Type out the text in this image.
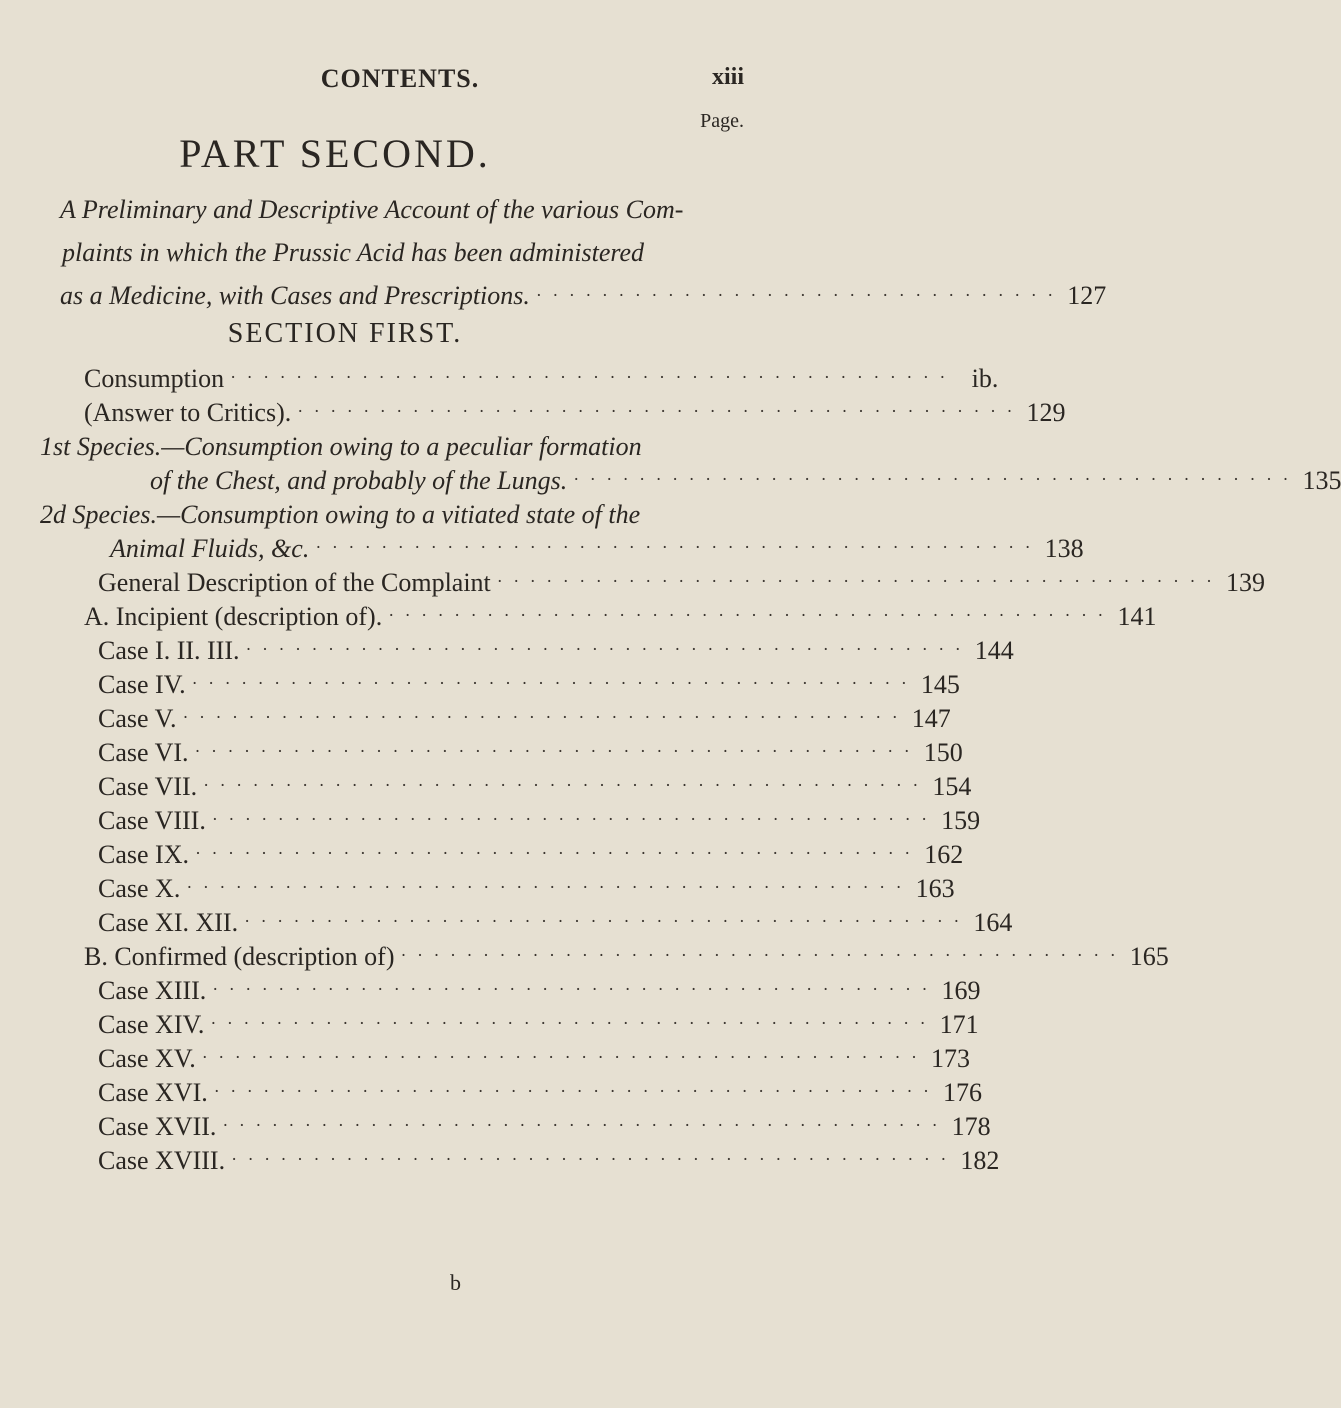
CONTENTS.	xiii
Page.
PART SECOND.
A Preliminary and Descriptive Account of the various Com-
plaints in which the Prussic Acid has been administered
as a Medicine, with Cases and Prescriptions. · · · · · · · · · · · · · · · · · · · · · · · · · · · · · · · · 127
SECTION FIRST.
Consumption · · · · · · · · · · · · · · · · · · · · · · · · · · · · · · · · · · · · · · · · · · · · ib.
(Answer to Critics). · · · · · · · · · · · · · · · · · · · · · · · · · · · · · · · · · · · · · · · · · · · · 129
1st Species.—Consumption owing to a peculiar formation
of the Chest, and probably of the Lungs. · · · · · · · · · · · · · · · · · · · · · · · · · · · · · · · · · · · · · · · · · · · · 135
2d Species.—Consumption owing to a vitiated state of the
Animal Fluids, &c. · · · · · · · · · · · · · · · · · · · · · · · · · · · · · · · · · · · · · · · · · · · · 138
General Description of the Complaint · · · · · · · · · · · · · · · · · · · · · · · · · · · · · · · · · · · · · · · · · · · · 139
A. Incipient (description of). · · · · · · · · · · · · · · · · · · · · · · · · · · · · · · · · · · · · · · · · · · · · 141
Case I. II. III. · · · · · · · · · · · · · · · · · · · · · · · · · · · · · · · · · · · · · · · · · · · · 144
Case IV. · · · · · · · · · · · · · · · · · · · · · · · · · · · · · · · · · · · · · · · · · · · · 145
Case V. · · · · · · · · · · · · · · · · · · · · · · · · · · · · · · · · · · · · · · · · · · · · 147
Case VI. · · · · · · · · · · · · · · · · · · · · · · · · · · · · · · · · · · · · · · · · · · · · 150
Case VII. · · · · · · · · · · · · · · · · · · · · · · · · · · · · · · · · · · · · · · · · · · · · 154
Case VIII. · · · · · · · · · · · · · · · · · · · · · · · · · · · · · · · · · · · · · · · · · · · · 159
Case IX. · · · · · · · · · · · · · · · · · · · · · · · · · · · · · · · · · · · · · · · · · · · · 162
Case X. · · · · · · · · · · · · · · · · · · · · · · · · · · · · · · · · · · · · · · · · · · · · 163
Case XI. XII. · · · · · · · · · · · · · · · · · · · · · · · · · · · · · · · · · · · · · · · · · · · · 164
B. Confirmed (description of) · · · · · · · · · · · · · · · · · · · · · · · · · · · · · · · · · · · · · · · · · · · · 165
Case XIII. · · · · · · · · · · · · · · · · · · · · · · · · · · · · · · · · · · · · · · · · · · · · 169
Case XIV. · · · · · · · · · · · · · · · · · · · · · · · · · · · · · · · · · · · · · · · · · · · · 171
Case XV. · · · · · · · · · · · · · · · · · · · · · · · · · · · · · · · · · · · · · · · · · · · · 173
Case XVI. · · · · · · · · · · · · · · · · · · · · · · · · · · · · · · · · · · · · · · · · · · · · 176
Case XVII. · · · · · · · · · · · · · · · · · · · · · · · · · · · · · · · · · · · · · · · · · · · · 178
Case XVIII. · · · · · · · · · · · · · · · · · · · · · · · · · · · · · · · · · · · · · · · · · · · · 182
b
